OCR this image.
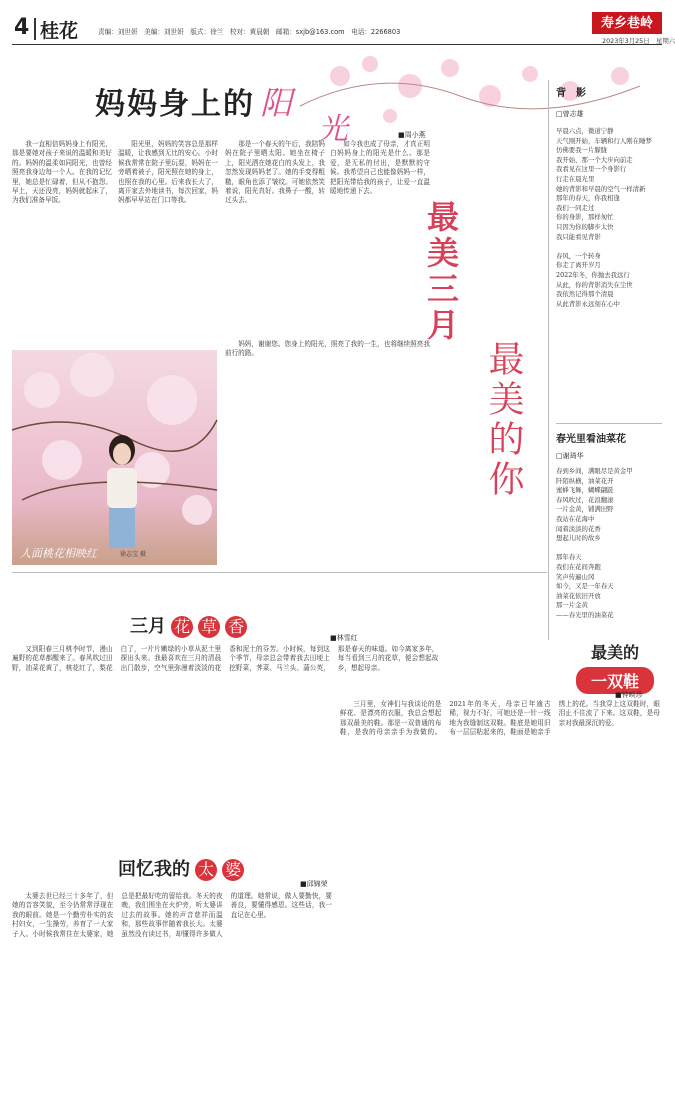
4 桂花	责编：刘世妍　美编：刘世妍　版式：徐兰　校对：黄晨朝　邮箱：sxjb@163.com　电话：2266803
寿乡巷岭
2023年3月25日　星期六
妈妈身上的 阳
光	■周小燕

我一直相信妈妈身上有阳光，那是要她对孩子来说的温暖和美好的。妈妈的温柔如同阳光，也曾经照亮我身边每一个人。在我的记忆里，她总是忙碌着，但从不抱怨。早上，天还没亮，妈妈就起床了，为我们准备早饭。

阳光里，妈妈的笑容总是那样温暖，让我感到无比的安心。小时候我常常在院子里玩耍，妈妈在一旁晒着被子，阳光照在她的身上，也照在我的心里。后来我长大了，离开家去外地读书，每次回家，妈妈都早早站在门口等我。

那是一个春天的午后，我陪妈妈在院子里晒太阳。她坐在椅子上，阳光洒在她花白的头发上，我忽然发现妈妈老了。她的手变得粗糙，眼角也添了皱纹。可她依然笑着说，阳光真好。我鼻子一酸，转过头去。

如今我也成了母亲，才真正明白妈妈身上的阳光是什么。那是爱，是无私的付出，是默默的守候。我希望自己也能像妈妈一样，把阳光带给我的孩子，让爱一直温暖地传递下去。

妈妈，谢谢您。您身上的阳光，照亮了我的一生，也将继续照亮我前行的路。

人面桃花相映红	徐志宝 摄
最美三月
最美的你
背　影
□曾志雄
早晨六点，微道宁静
天气刚开始，车辆和行人刚在睡梦
仿佛要我一片朦胧
我开始，那一个大步向前走
我看见在这里一个身影行
行走在晨光里
她的背影和早晨的空气一样清新
那年的春天，你我相逢
我们一同走过
你的身影，那样匆忙
只因为你的脚步太快
我只能看见背影

春风，一个转身
你走了离开岁月
2022年冬，你抛去我远行
从此，你的背影消失在尘世
我依然记得那个清晨
从此背影永远刻在心中
春光里看油菜花
□谢琦华
春到乡间，满眼尽是黄金甲
阡陌纵横，油菜花开
蜜蜂飞舞，蝴蝶翩跹
春风吹过，花浪翻滚
一片金黄，铺满田野
我站在花海中
闻着淡淡的花香
想起儿时的故乡

那年春天
我们在花间奔跑
笑声传遍山冈
如今，又是一年春天
油菜花依旧开放
那一片金黄
——春光里的油菜花
三月 花 草 香
■林雪红

又到阳春三月桃李时节，漫山遍野的花草都醒来了。春风吹过田野，油菜花黄了，桃花红了，梨花白了，一片片嫩绿的小草从泥土里探出头来。我最喜欢在三月的清晨出门散步，空气里弥漫着淡淡的花香和泥土的芬芳。小时候，每到这个季节，母亲总会带着我去田埂上挖野菜，荠菜、马兰头、蒲公英，那是春天的味道。如今离家多年，每当看到三月的花草，便会想起故乡，想起母亲。

回忆我的 太 婆
■邱锦荣

太婆去世已经三十多年了，但她的音容笑貌，至今仍常常浮现在我的眼前。她是一个勤劳朴实的农村妇女，一生操劳，养育了一大家子人。小时候我常住在太婆家，她总是把最好吃的留给我。冬天的夜晚，我们围坐在火炉旁，听太婆讲过去的故事。她的声音慈祥而温和，那些故事伴随着我长大。太婆虽然没有读过书，却懂得许多做人的道理。她常说，做人要勤快，要善良，要懂得感恩。这些话，我一直记在心里。

最美的
一双鞋
■钟映珍

三月里，女神们与我谈论的是鲜花、是漂亮的衣服，我总会想起那双最美的鞋。那是一双普通的布鞋，是我的母亲亲手为我做的。2021年的冬天，母亲已年逾古稀，视力不好，可她还是一针一线地为我缝制这双鞋。鞋底是她用旧布一层层粘起来的，鞋面是她亲手绣上的花。当我穿上这双鞋时，眼泪止不住流了下来。这双鞋，是母亲对我最深沉的爱。
